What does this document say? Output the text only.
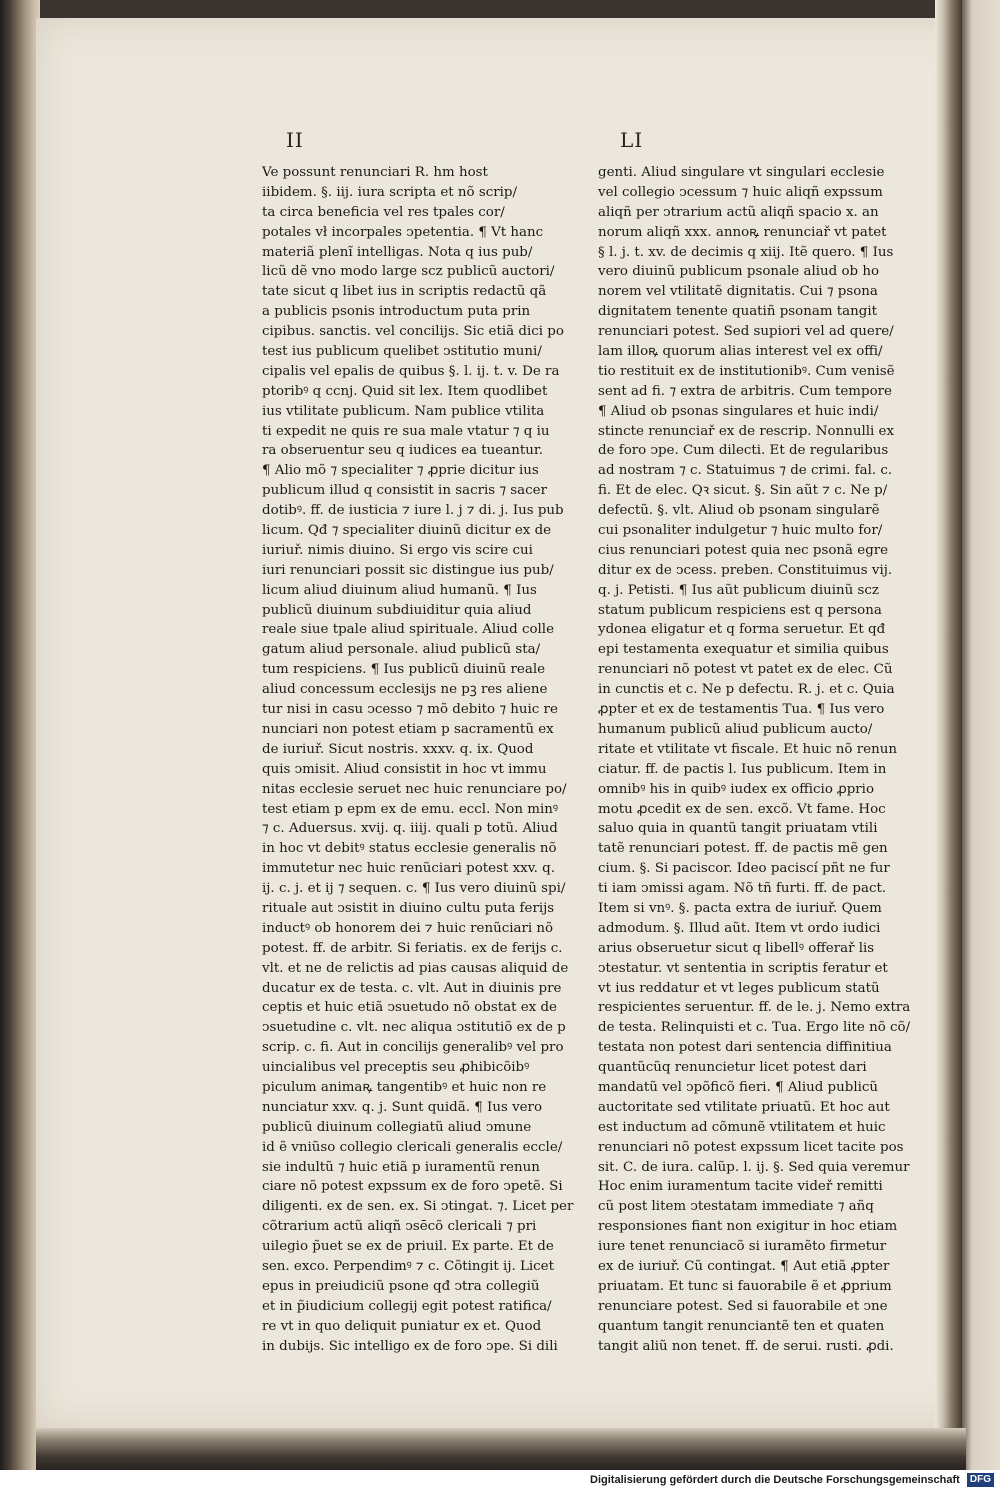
II	LI
Ve possunt renunciari R. hm host
iibidem. §. iij. iura scripta et nõ scrip/
ta circa beneficia vel res tpales cor/
potales vł incorpales ↄpetentia. ¶ Vt hanc
materiã plenĩ intelligas. Nota q ius pub/
licũ dẽ vno modo large scz publicũ auctori/
tate sicut q libet ius in scriptis redactũ qã
a publicis psonis introductum puta prin
cipibus. sanctis. vel concilijs. Sic etiã dici po
test ius publicum quelibet ↄstitutio muni/
cipalis vel epalis de quibus §. l. ij. t. v. De ra
ptoribꝰ q ccnj. Quid sit lex. Item quodlibet
ius vtilitate publicum. Nam publice vtilita
ti expedit ne quis re sua male vtatur ⁊ q iu
ra obseruentur seu q iudices ea tueantur.
¶ Alio mõ ⁊ specialiter ⁊ ꝓprie dicitur ius
publicum illud q consistit in sacris ⁊ sacer
dotibꝰ. ff. de iusticia ⁊ iure l. j ⁊ di. j. Ius pub
licum. Qđ ⁊ specialiter diuinũ dicitur ex de
iuriuř. nimis diuino. Si ergo vis scire cui
iuri renunciari possit sic distingue ius pub/
licum aliud diuinum aliud humanũ. ¶ Ius
publicũ diuinum subdiuiditur quia aliud
reale siue tpale aliud spirituale. Aliud colle
gatum aliud personale. aliud publicũ sta/
tum respiciens. ¶ Ius publicũ diuinũ reale
aliud concessum ecclesijs ne pꝫ res aliene
tur nisi in casu ↄcesso ⁊ mõ debito ⁊ huic re
nunciari non potest etiam p sacramentũ ex
de iuriuř. Sicut nostris. xxxv. q. ix. Quod
quis ↄmisit. Aliud consistit in hoc vt immu
nitas ecclesie seruet nec huic renunciare po/
test etiam p epm ex de emu. eccl. Non minꝰ
⁊ c. Aduersus. xvij. q. iiij. quali p totũ. Aliud
in hoc vt debitꝰ status ecclesie generalis nõ
immutetur nec huic renũciari potest xxv. q.
ij. c. j. et ij ⁊ sequen. c. ¶ Ius vero diuinũ spi/
rituale aut ↄsistit in diuino cultu puta ferijs
inductꝰ ob honorem dei ⁊ huic renũciari nõ
potest. ff. de arbitr. Si feriatis. ex de ferijs c.
vlt. et ne de relictis ad pias causas aliquid de
ducatur ex de testa. c. vlt. Aut in diuinis pre
ceptis et huic etiã ↄsuetudo nõ obstat ex de
ↄsuetudine c. vlt. nec aliqua ↄstitutiõ ex de p
scrip. c. fi. Aut in concilijs generalibꝰ vel pro
uincialibus vel preceptis seu ꝓhibicõibꝰ
piculum animaꝶ tangentibꝰ et huic non re
nunciatur xxv. q. j. Sunt quidã. ¶ Ius vero
publicũ diuinum collegiatũ aliud ↄmune
id ẽ vniũso collegio clericali generalis eccle/
sie indultũ ⁊ huic etiã p iuramentũ renun
ciare nõ potest expssum ex de foro ↄpetẽ. Si
diligenti. ex de sen. ex. Si ↄtingat. ⁊. Licet per
cõtrarium actũ aliqñ ↄsēcõ clericali ⁊ pri
uilegio p̃uet se ex de priuil. Ex parte. Et de
sen. exco. Perpendimꝰ ⁊ c. Cõtingit ij. Licet
epus in preiudiciũ psone qđ ↄtra collegiũ
et in p̃iudicium collegij egit potest ratifica/
re vt in quo deliquit puniatur ex et. Quod
in dubijs. Sic intelligo ex de foro ↄpe. Si dili
genti. Aliud singulare vt singulari ecclesie
vel collegio ↄcessum ⁊ huic aliqñ expssum
aliqñ per ↄtrarium actũ aliqñ spacio x. an
norum aliqñ xxx. annoꝶ renunciař vt patet
§ l. j. t. xv. de decimis q xiij. Itẽ quero. ¶ Ius
vero diuinũ publicum psonale aliud ob ho
norem vel vtilitatẽ dignitatis. Cui ⁊ psona
dignitatem tenente quatiñ psonam tangit
renunciari potest. Sed supiori vel ad quere/
lam illoꝶ quorum alias interest vel ex offi/
tio restituit ex de institutionibꝰ. Cum venisẽ
sent ad fi. ⁊ extra de arbitris. Cum tempore
¶ Aliud ob psonas singulares et huic indi/
stincte renunciař ex de rescrip. Nonnulli ex
de foro ↄpe. Cum dilecti. Et de regularibus
ad nostram ⁊ c. Statuimus ⁊ de crimi. fal. c.
fi. Et de elec. Qꝛ sicut. §. Sin aũt ⁊ c. Ne p/
defectũ. §. vlt. Aliud ob psonam singularẽ
cui psonaliter indulgetur ⁊ huic multo for/
cius renunciari potest quia nec psonã egre
ditur ex de ↄcess. preben. Constituimus vij.
q. j. Petisti. ¶ Ius aũt publicum diuinũ scz
statum publicum respiciens est q persona
ydonea eligatur et q forma seruetur. Et qđ
epi testamenta exequatur et similia quibus
renunciari nõ potest vt patet ex de elec. Cũ
in cunctis et c. Ne p defectu. R. j. et c. Quia
ꝓpter et ex de testamentis Tua. ¶ Ius vero
humanum publicũ aliud publicum aucto/
ritate et vtilitate vt fiscale. Et huic nõ renun
ciatur. ff. de pactis l. Ius publicum. Item in
omnibꝰ his in quibꝰ iudex ex officio ꝓprio
motu ꝓcedit ex de sen. excõ. Vt fame. Hoc
saluo quia in quantũ tangit priuatam vtili
tatẽ renunciari potest. ff. de pactis mẽ gen
cium. §. Si paciscor. Ideo paciscí pñt ne fur
ti iam ↄmissi agam. Nõ tñ furti. ff. de pact.
Item si vnꝰ. §. pacta extra de iuriuř. Quem
admodum. §. Illud aũt. Item vt ordo iudici
arius obseruetur sicut q libellꝰ offerař lis
ↄtestatur. vt sententia in scriptis feratur et
vt ius reddatur et vt leges publicum statũ
respicientes seruentur. ff. de le. j. Nemo extra
de testa. Relinquisti et c. Tua. Ergo lite nõ cõ/
testata non potest dari sentencia diffinitiua
quantũcũq renuncietur licet potest dari
mandatũ vel ↄpõficõ fieri. ¶ Aliud publicũ
auctoritate sed vtilitate priuatũ. Et hoc aut
est inductum ad cõmunẽ vtilitatem et huic
renunciari nõ potest expssum licet tacite pos
sit. C. de iura. calũp. l. ij. §. Sed quia veremur
Hoc enim iuramentum tacite videř remitti
cũ post litem ↄtestatam immediate ⁊ añq
responsiones fiant non exigitur in hoc etiam
iure tenet renunciacõ si iuramẽto firmetur
ex de iuriuř. Cũ contingat. ¶ Aut etiã ꝓpter
priuatam. Et tunc si fauorabile ẽ et ꝓprium
renunciare potest. Sed si fauorabile et ↄne
quantum tangit renunciantẽ ten et quaten
tangit aliũ non tenet. ff. de serui. rusti. ꝓdi.
Digitalisierung gefördert durch die Deutsche Forschungsgemeinschaft DFG
